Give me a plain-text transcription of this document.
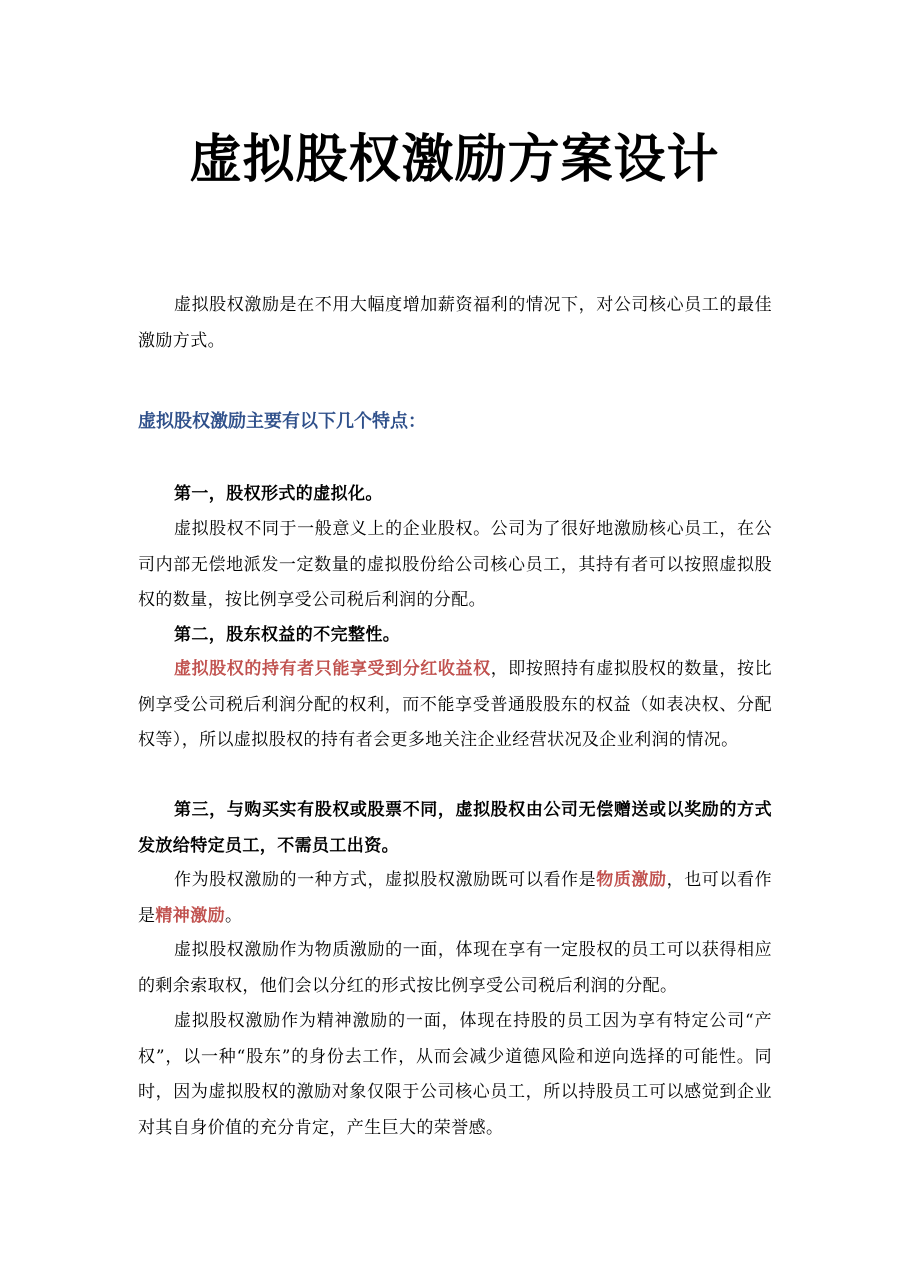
虚拟股权激励方案设计

虚拟股权激励是在不用大幅度增加薪资福利的情况下，对公司核心员工的最佳激励方式。

虚拟股权激励主要有以下几个特点：

第一，股权形式的虚拟化。

虚拟股权不同于一般意义上的企业股权。公司为了很好地激励核心员工，在公司内部无偿地派发一定数量的虚拟股份给公司核心员工，其持有者可以按照虚拟股权的数量，按比例享受公司税后利润的分配。

第二，股东权益的不完整性。

虚拟股权的持有者只能享受到分红收益权，即按照持有虚拟股权的数量，按比例享受公司税后利润分配的权利，而不能享受普通股股东的权益（如表决权、分配权等），所以虚拟股权的持有者会更多地关注企业经营状况及企业利润的情况。

第三，与购买实有股权或股票不同，虚拟股权由公司无偿赠送或以奖励的方式发放给特定员工，不需员工出资。

作为股权激励的一种方式，虚拟股权激励既可以看作是物质激励，也可以看作是精神激励。

虚拟股权激励作为物质激励的一面，体现在享有一定股权的员工可以获得相应的剩余索取权，他们会以分红的形式按比例享受公司税后利润的分配。

虚拟股权激励作为精神激励的一面，体现在持股的员工因为享有特定公司“产权”，以一种“股东”的身份去工作，从而会减少道德风险和逆向选择的可能性。同时，因为虚拟股权的激励对象仅限于公司核心员工，所以持股员工可以感觉到企业对其自身价值的充分肯定，产生巨大的荣誉感。
